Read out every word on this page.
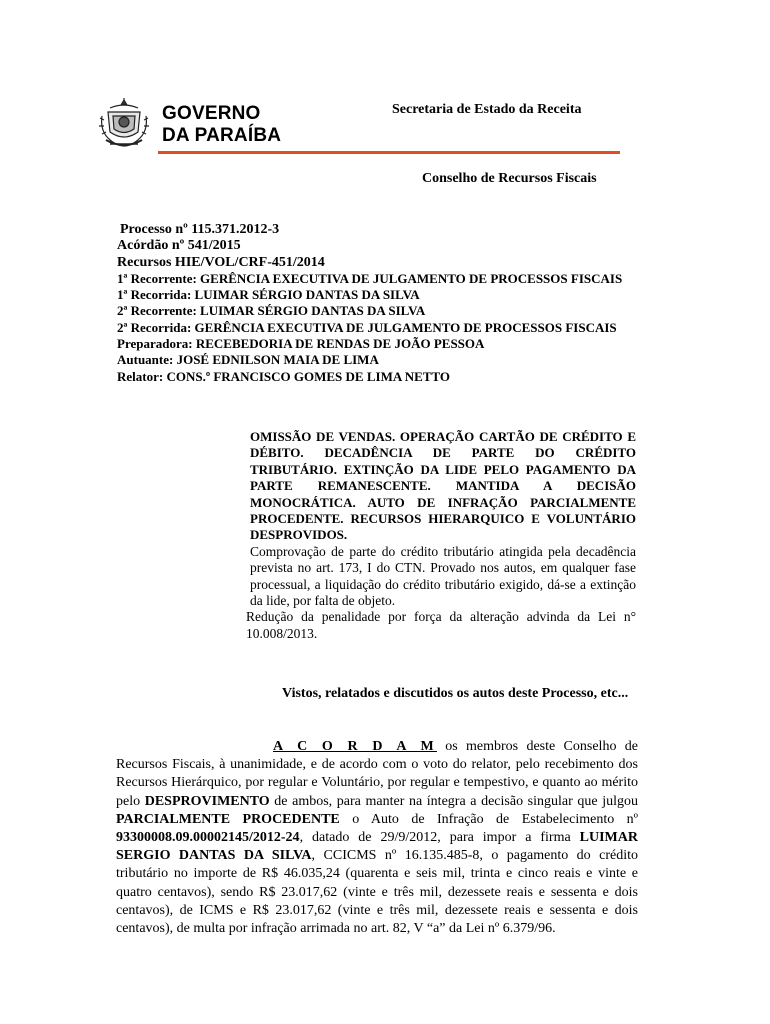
GOVERNO
DA PARAÍBA
Secretaria de Estado da Receita
Conselho de Recursos Fiscais
Processo nº 115.371.2012-3
Acórdão nº 541/2015
Recursos HIE/VOL/CRF-451/2014
1ª Recorrente: GERÊNCIA EXECUTIVA DE JULGAMENTO DE PROCESSOS FISCAIS
1ª Recorrida: LUIMAR SÉRGIO DANTAS DA SILVA
2ª Recorrente: LUIMAR SÉRGIO DANTAS DA SILVA
2ª Recorrida: GERÊNCIA EXECUTIVA DE JULGAMENTO DE PROCESSOS FISCAIS
Preparadora: RECEBEDORIA DE RENDAS DE JOÃO PESSOA
Autuante: JOSÉ EDNILSON MAIA DE LIMA
Relator: CONS.º FRANCISCO GOMES DE LIMA NETTO

OMISSÃO DE VENDAS. OPERAÇÃO CARTÃO DE CRÉDITO E DÉBITO. DECADÊNCIA DE PARTE DO CRÉDITO TRIBUTÁRIO. EXTINÇÃO DA LIDE PELO PAGAMENTO DA PARTE REMANESCENTE. MANTIDA A DECISÃO MONOCRÁTICA. AUTO DE INFRAÇÃO PARCIALMENTE PROCEDENTE. RECURSOS HIERARQUICO E VOLUNTÁRIO DESPROVIDOS.

Comprovação de parte do crédito tributário atingida pela decadência prevista no art. 173, I do CTN. Provado nos autos, em qualquer fase processual, a liquidação do crédito tributário exigido, dá-se a extinção da lide, por falta de objeto.

Redução da penalidade por força da alteração advinda da Lei n° 10.008/2013.

Vistos, relatados e discutidos os autos deste Processo, etc...
A C O R D A M os membros deste Conselho de Recursos Fiscais, à unanimidade, e de acordo com o voto do relator, pelo recebimento dos Recursos Hierárquico, por regular e Voluntário, por regular e tempestivo, e quanto ao mérito pelo DESPROVIMENTO de ambos, para manter na íntegra a decisão singular que julgou PARCIALMENTE PROCEDENTE o Auto de Infração de Estabelecimento nº 93300008.09.00002145/2012-24, datado de 29/9/2012, para impor a firma LUIMAR SERGIO DANTAS DA SILVA, CCICMS nº 16.135.485-8, o pagamento do crédito tributário no importe de R$ 46.035,24 (quarenta e seis mil, trinta e cinco reais e vinte e quatro centavos), sendo R$ 23.017,62 (vinte e três mil, dezessete reais e sessenta e dois centavos), de ICMS e R$ 23.017,62 (vinte e três mil, dezessete reais e sessenta e dois centavos), de multa por infração arrimada no art. 82, V “a” da Lei nº 6.379/96.
